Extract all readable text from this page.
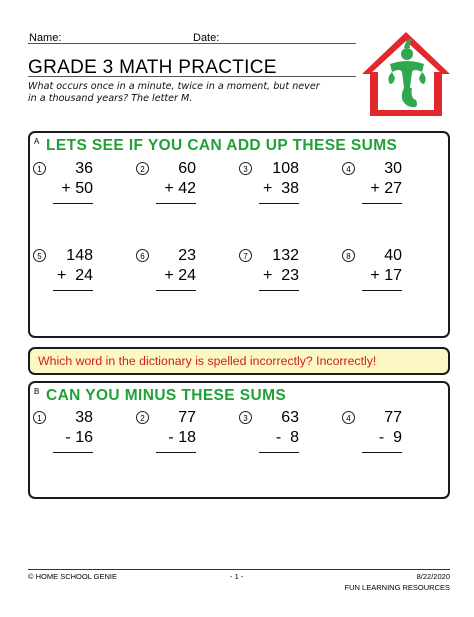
Name:	Date:
GRADE 3 MATH PRACTICE
What occurs once in a minute, twice in a moment, but never in a thousand years? The letter M.
A LETS SEE IF YOU CAN ADD UP THESE SUMS
1 36
+ 50
2 60
+ 42
3 108
+  38
4 30
+ 27
5 148
+  24
6 23
+ 24
7 132
+  23
8 40
+ 17
Which word in the dictionary is spelled incorrectly? Incorrectly!
B CAN YOU MINUS THESE SUMS
1 38
- 16
2 77
- 18
3 63
-  8
4 77
-  9
© HOME SCHOOL GENIE	- 1 -	8/22/2020
FUN LEARNING RESOURCES
